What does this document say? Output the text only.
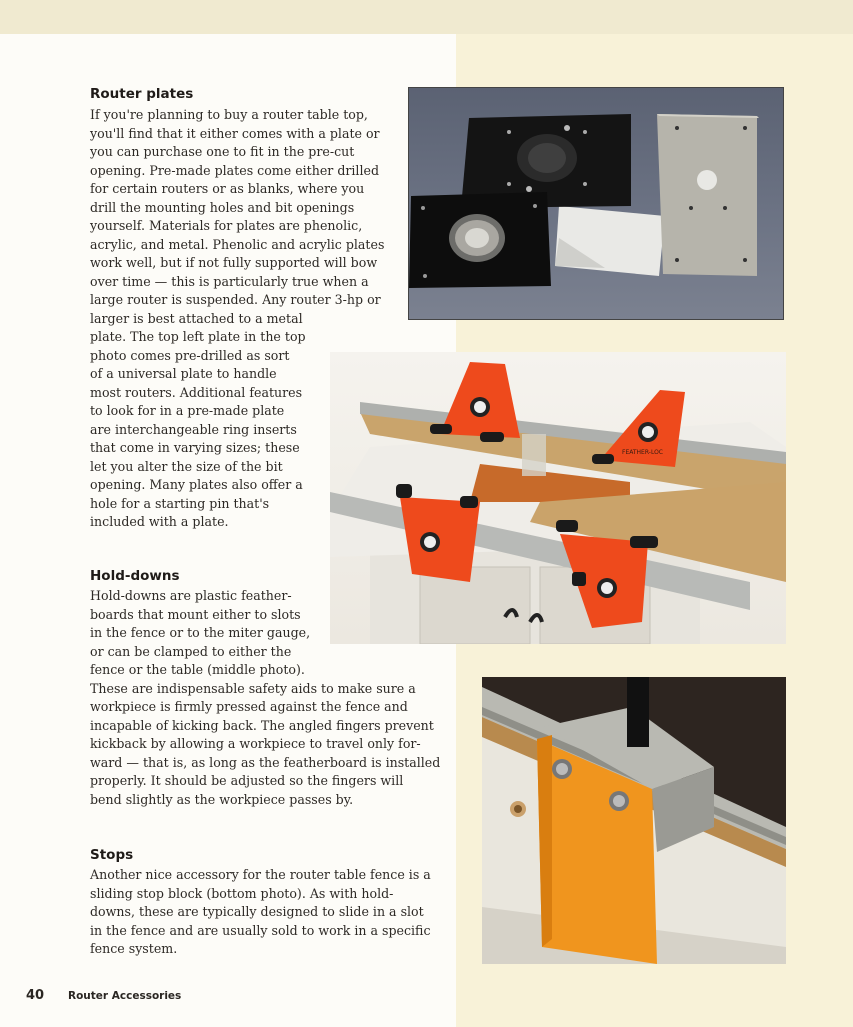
Router plates
If you're planning to buy a router table top,
you'll find that it either comes with a plate or
you can purchase one to fit in the pre-cut
opening. Pre-made plates come either drilled
for certain routers or as blanks, where you
drill the mounting holes and bit openings
yourself. Materials for plates are phenolic,
acrylic, and metal. Phenolic and acrylic plates
work well, but if not fully supported will bow
over time — this is particularly true when a
large router is suspended. Any router 3-hp or
larger is best attached to a metal
plate. The top left plate in the top
photo comes pre-drilled as sort
of a universal plate to handle
most routers. Additional features
to look for in a pre-made plate
are interchangeable ring inserts
that come in varying sizes; these
let you alter the size of the bit
opening. Many plates also offer a
hole for a starting pin that's
included with a plate.
Hold-downs
Hold-downs are plastic feather-
boards that mount either to slots
in the fence or to the miter gauge,
or can be clamped to either the
fence or the table (middle photo).
These are indispensable safety aids to make sure a
workpiece is firmly pressed against the fence and
incapable of kicking back. The angled fingers prevent
kickback by allowing a workpiece to travel only for-
ward — that is, as long as the featherboard is installed
properly. It should be adjusted so the fingers will
bend slightly as the workpiece passes by.
Stops
Another nice accessory for the router table fence is a
sliding stop block (bottom photo). As with hold-
downs, these are typically designed to slide in a slot
in the fence and are usually sold to work in a specific
fence system.
FEATHER-LOC
40 Router Accessories
